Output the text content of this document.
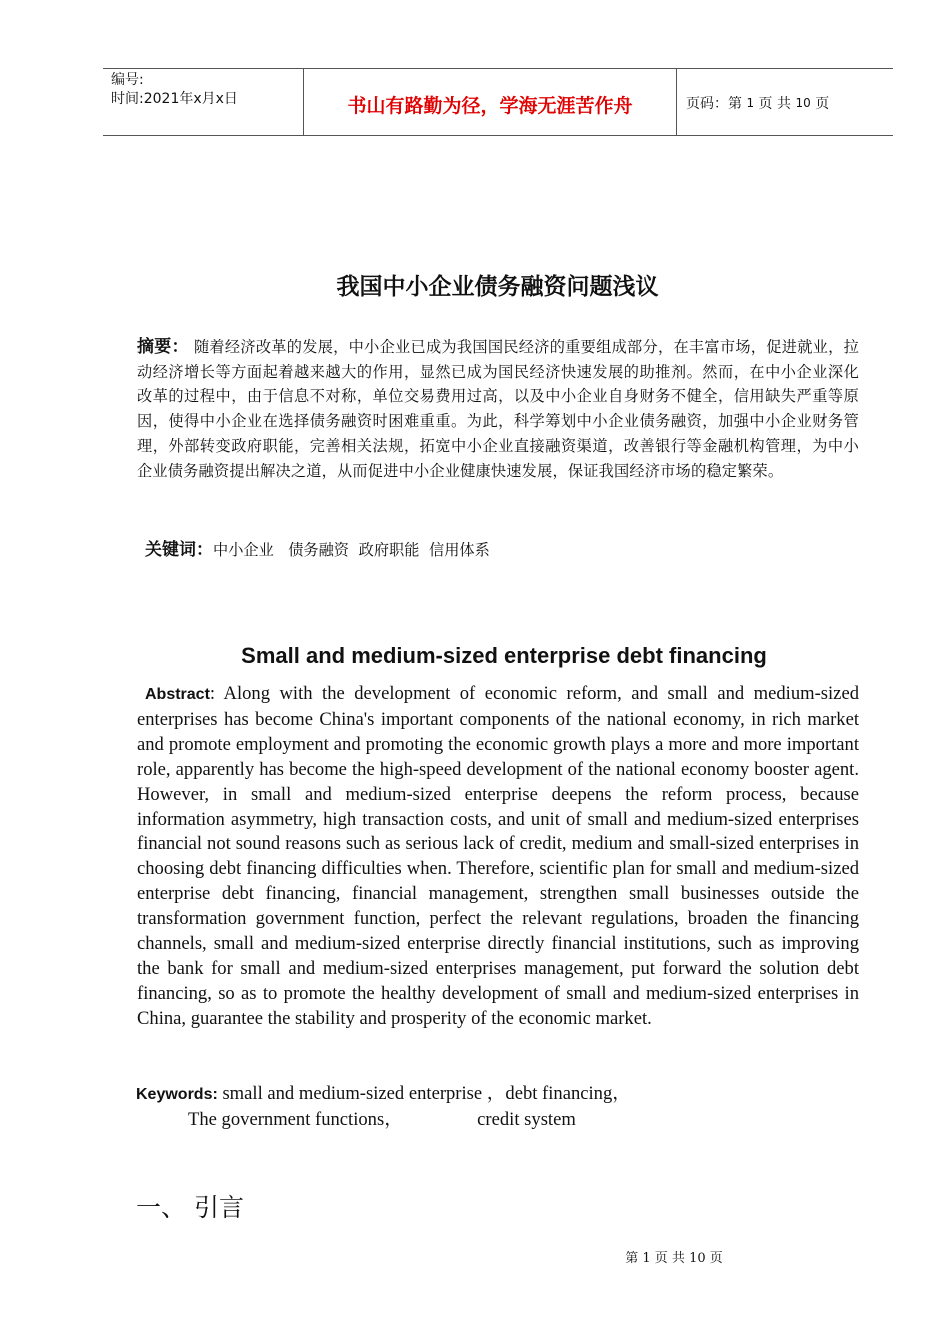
编号:
时间:2021年x月x日	书山有路勤为径，学海无涯苦作舟	页码：第
1
页 共
10
页
我国中小企业债务融资问题浅议
摘要： 随着经济改革的发展，中小企业已成为我国国民经济的重要组成部分，在丰富市场，促进就业，拉动经济增长等方面起着越来越大的作用，显然已成为国民经济快速发展的助推剂。然而，在中小企业深化改革的过程中，由于信息不对称，单位交易费用过高，以及中小企业自身财务不健全，信用缺失严重等原因，使得中小企业在选择债务融资时困难重重。为此，科学筹划中小企业债务融资，加强中小企业财务管理，外部转变政府职能，完善相关法规，拓宽中小企业直接融资渠道，改善银行等金融机构管理，为中小企业债务融资提出解决之道，从而促进中小企业健康快速发展，保证我国经济市场的稳定繁荣。
关键词：中小企业   债务融资  政府职能  信用体系
Small and medium-sized enterprise debt financing
Abstract: Along with the development of economic reform, and small and medium-sized enterprises has become China's important components of the national economy, in rich market and promote employment and promoting the economic growth plays a more and more important role, apparently has become the high-speed development of the national economy booster agent. However, in small and medium-sized enterprise deepens the reform process, because information asymmetry, high transaction costs, and unit of small and medium-sized enterprises financial not sound reasons such as serious lack of credit, medium and small-sized enterprises in choosing debt financing difficulties when. Therefore, scientific plan for small and medium-sized enterprise debt financing, financial management, strengthen small businesses outside the transformation government function, perfect the relevant regulations, broaden the financing channels, small and medium-sized enterprise directly financial institutions, such as improving the bank for small and medium-sized enterprises management, put forward the solution debt financing, so as to promote the healthy development of small and medium-sized enterprises in China, guarantee the stability and prosperity of the economic market.
Keywords: small and medium-sized enterprise ，debt financing，
The government functions，                credit system
一、 引言
第 1 页 共 10 页
